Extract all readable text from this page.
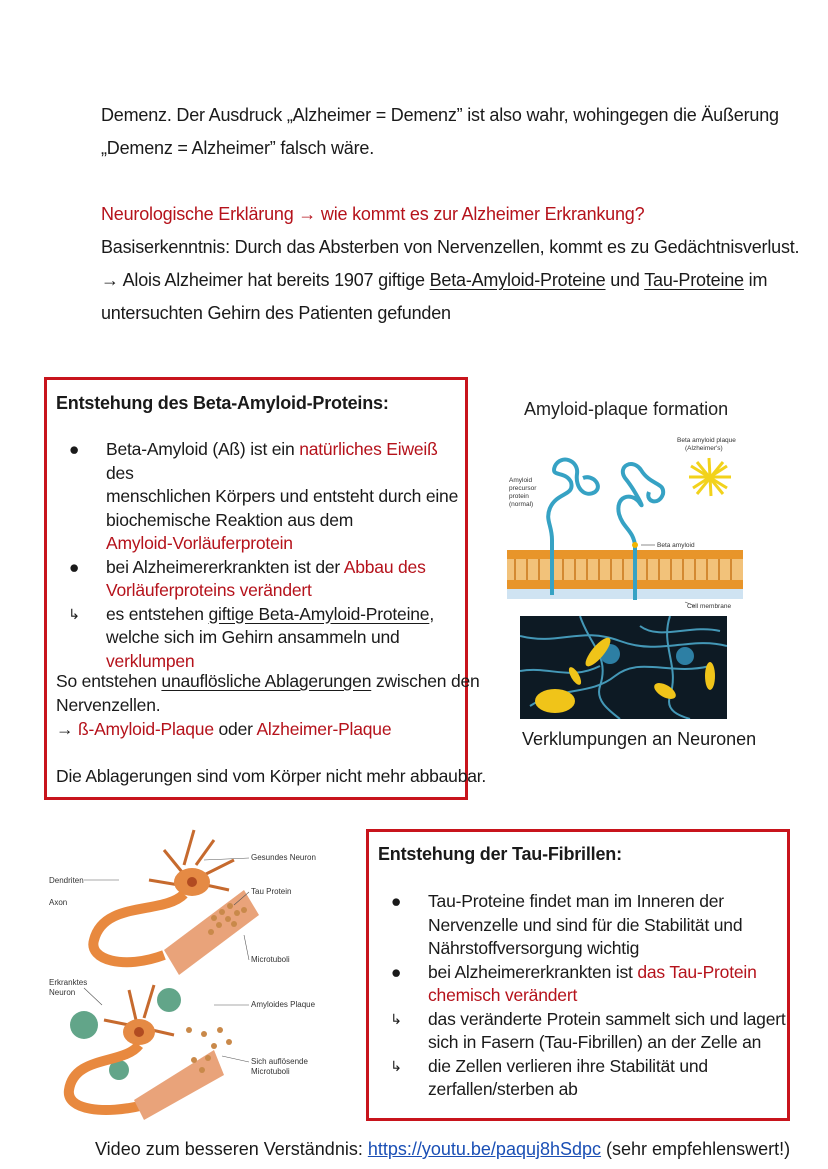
Demenz. Der Ausdruck „Alzheimer = Demenz” ist also wahr, wohingegen die Äußerung
„Demenz = Alzheimer” falsch wäre.
Neurologische Erklärung → wie kommt es zur Alzheimer Erkrankung?
Basiserkenntnis: Durch das Absterben von Nervenzellen, kommt es zu Gedächtnisverlust.
→ Alois Alzheimer hat bereits 1907 giftige Beta-Amyloid-Proteine und Tau-Proteine im
untersuchten Gehirn des Patienten gefunden
Entstehung des Beta-Amyloid-Proteins:
● Beta-Amyloid (Aß) ist ein natürliches Eiweiß des
menschlichen Körpers und entsteht durch eine
biochemische Reaktion aus dem
Amyloid-Vorläuferprotein
● bei Alzheimererkrankten ist der Abbau des
Vorläuferproteins verändert
↳ es entstehen giftige Beta-Amyloid-Proteine,
welche sich im Gehirn ansammeln und
verklumpen
So entstehen unauflösliche Ablagerungen zwischen den
Nervenzellen.
→ ß-Amyloid-Plaque oder Alzheimer-Plaque
Die Ablagerungen sind vom Körper nicht mehr abbaubar.
Amyloid-plaque formation
Amyloid
precursor
protein
(normal)
Beta amyloid plaque
(Alzheimer's)
Beta amyloid
Cell membrane
Verklumpungen an Neuronen
Gesundes Neuron
Dendriten
Axon
Tau Protein
Microtuboli
Erkranktes
Neuron
Amyloides Plaque
Sich auflösende
Microtuboli
Entstehung der Tau-Fibrillen:
● Tau-Proteine findet man im Inneren der
Nervenzelle und sind für die Stabilität und
Nährstoffversorgung wichtig
● bei Alzheimererkrankten ist das Tau-Protein
chemisch verändert
↳ das veränderte Protein sammelt sich und lagert
sich in Fasern (Tau-Fibrillen) an der Zelle an
↳ die Zellen verlieren ihre Stabilität und
zerfallen/sterben ab
Video zum besseren Verständnis: https://youtu.be/paquj8hSdpc (sehr empfehlenswert!)
